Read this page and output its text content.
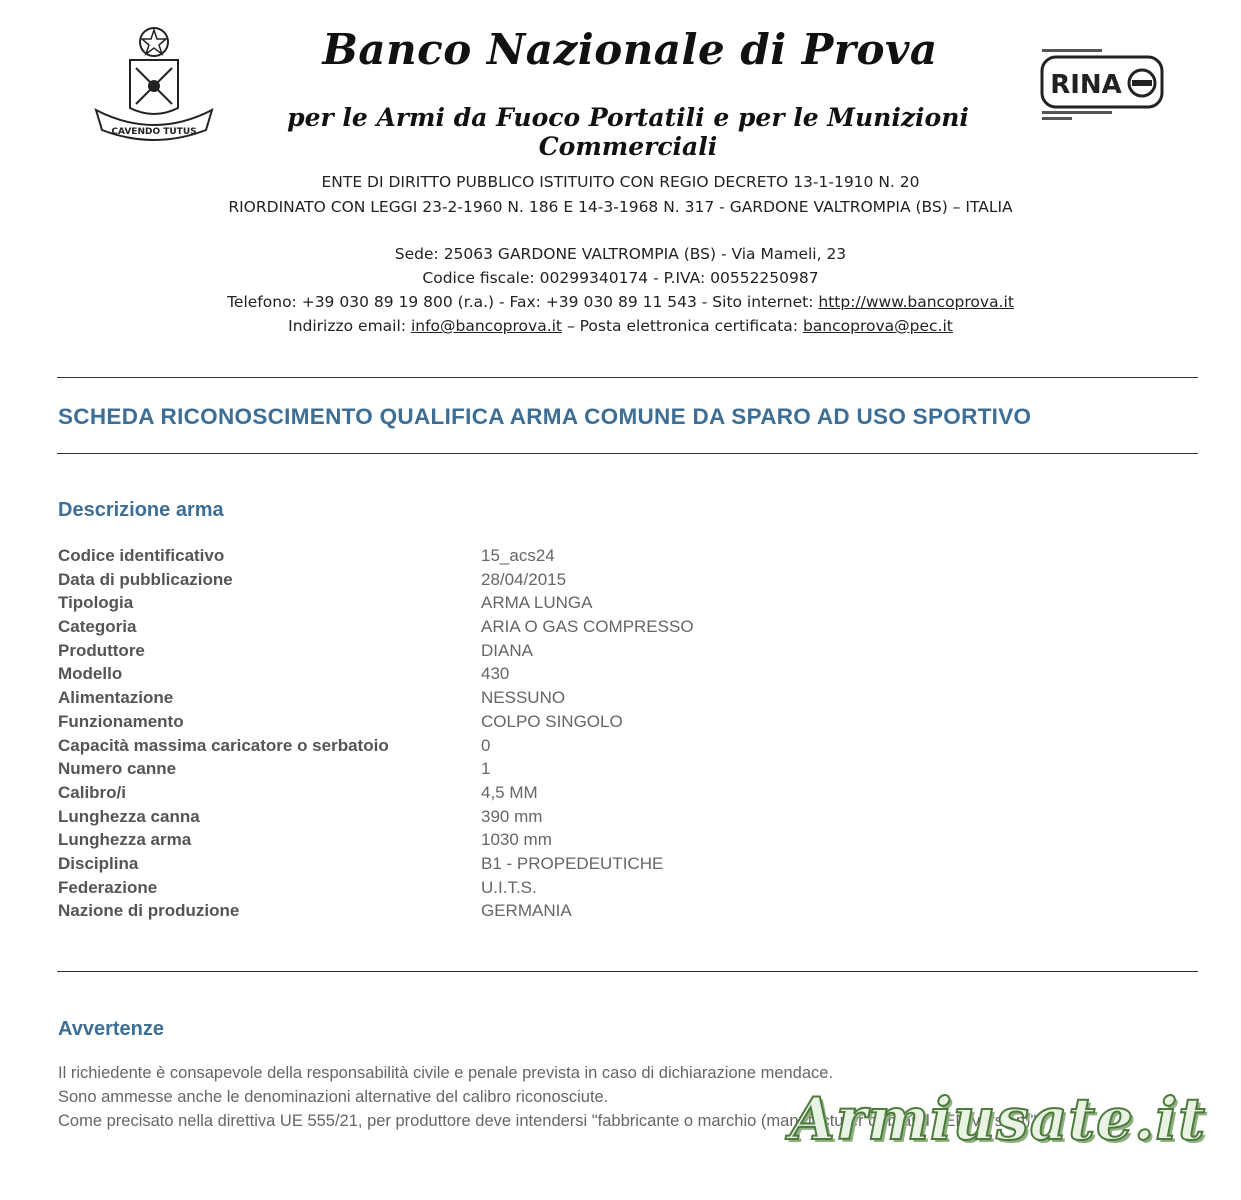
CAVENDO TUTUS
Banco Nazionale di Prova
per le Armi da Fuoco Portatili e per le Munizioni Commerciali
RINA
ENTE DI DIRITTO PUBBLICO ISTITUITO CON REGIO DECRETO 13-1-1910 N. 20
RIORDINATO CON LEGGI 23-2-1960 N. 186 E 14-3-1968 N. 317 - GARDONE VALTROMPIA (BS) – ITALIA
Sede: 25063 GARDONE VALTROMPIA (BS) - Via Mameli, 23
Codice fiscale: 00299340174 - P.IVA: 00552250987
Telefono: +39 030 89 19 800 (r.a.) - Fax: +39 030 89 11 543 - Sito internet: http://www.bancoprova.it
Indirizzo email: info@bancoprova.it – Posta elettronica certificata: bancoprova@pec.it
SCHEDA RICONOSCIMENTO QUALIFICA ARMA COMUNE DA SPARO AD USO SPORTIVO
Descrizione arma
Codice identificativo	15_acs24
Data di pubblicazione	28/04/2015
Tipologia	ARMA LUNGA
Categoria	ARIA O GAS COMPRESSO
Produttore	DIANA
Modello	430
Alimentazione	NESSUNO
Funzionamento	COLPO SINGOLO
Capacità massima caricatore o serbatoio	0
Numero canne	1
Calibro/i	4,5 MM
Lunghezza canna	390 mm
Lunghezza arma	1030 mm
Disciplina	B1 - PROPEDEUTICHE
Federazione	U.I.T.S.
Nazione di produzione	GERMANIA
Avvertenze
Il richiedente è consapevole della responsabilità civile e penale prevista in caso di dichiarazione mendace.
Sono ammesse anche le denominazioni alternative del calibro riconosciute.
Come precisato nella direttiva UE 555/21, per produttore deve intendersi "fabbricante o marchio (manufacturer or brand - EN version)".
Armiusate.it
